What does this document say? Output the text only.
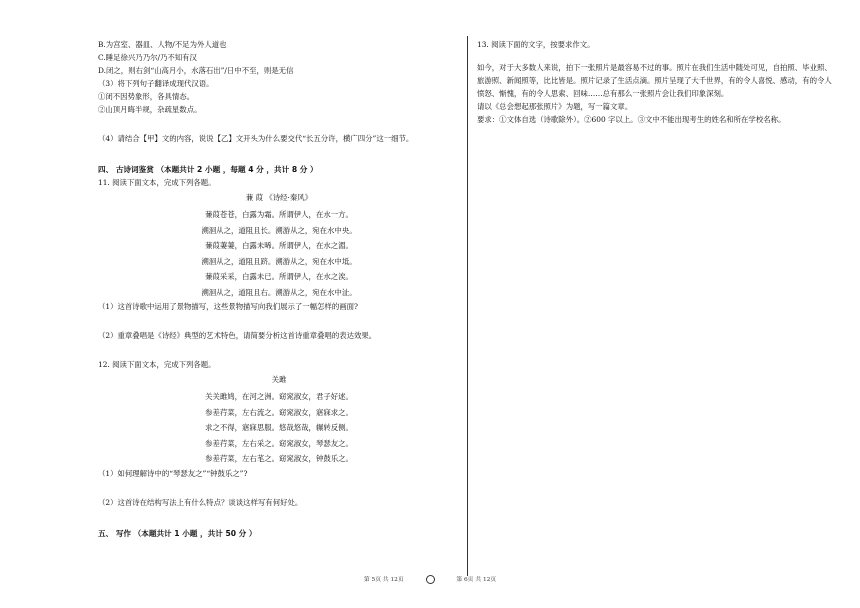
B.为宫室、器皿、人物/不足为外人道也
C.睡足徐兴乃乃尔/乃不知有汉
D.闭之，则右剑“山高月小，水落石出”/日中不至，则是无信
（3）将下列句子翻译成现代汉语。
①闭不因势象形，各具情态。
②山顶月晦半规，杂疏星数点。
（4）请结合【甲】文的内容，说说【乙】文开头为什么要交代“长五分许，横广四分”这一细节。
四、 古诗词鉴赏 （本题共计 2 小题 ，每题 4 分 ，共计 8 分 ）
11. 阅读下面文本，完成下列各题。
蒹 葭 《诗经·秦风》
蒹葭苍苍，白露为霜。所谓伊人，在水一方。
溯洄从之，道阻且长。溯游从之，宛在水中央。
蒹葭萋萋，白露未晞。所谓伊人，在水之湄。
溯洄从之，道阻且跻。溯游从之，宛在水中坻。
蒹葭采采，白露未已。所谓伊人，在水之涘。
溯洄从之，道阻且右。溯游从之，宛在水中沚。
（1）这首诗歌中运用了景物描写，这些景物描写向我们展示了一幅怎样的画面?
（2）重章叠唱是《诗经》典型的艺术特色，请简要分析这首诗重章叠唱的表达效果。
12. 阅读下面文本，完成下列各题。
关雎
关关雎鸠，在河之洲。窈窕淑女，君子好逑。
参差荇菜，左右流之。窈窕淑女，寤寐求之。
求之不得，寤寐思服。悠哉悠哉，辗转反侧。
参差荇菜，左右采之。窈窕淑女，琴瑟友之。
参差荇菜，左右芼之。窈窕淑女，钟鼓乐之。
（1）如何理解诗中的“琴瑟友之”“钟鼓乐之”?
（2）这首诗在结构写法上有什么特点？谈谈这样写有何好处。
五、 写作 （本题共计 1 小题 ，共计 50 分 ）
13. 阅读下面的文字，按要求作文。
如今，对于大多数人来说，拍下一张照片是最容易不过的事。照片在我们生活中随处可见，自拍照、毕业照、旅游照、新闻照等，比比皆是。照片记录了生活点滴。照片呈现了大千世界，有的令人喜悦、感动，有的令人愤怒、惭愧，有的令人思索、回味……总有那么一张照片会让我们印象深刻。
请以《总会想起那张照片》为题，写一篇文章。
要求：①文体自选（诗歌除外）。②600 字以上。③文中不能出现考生的姓名和所在学校名称。
第 5页 共 12页	第 6页 共 12页
